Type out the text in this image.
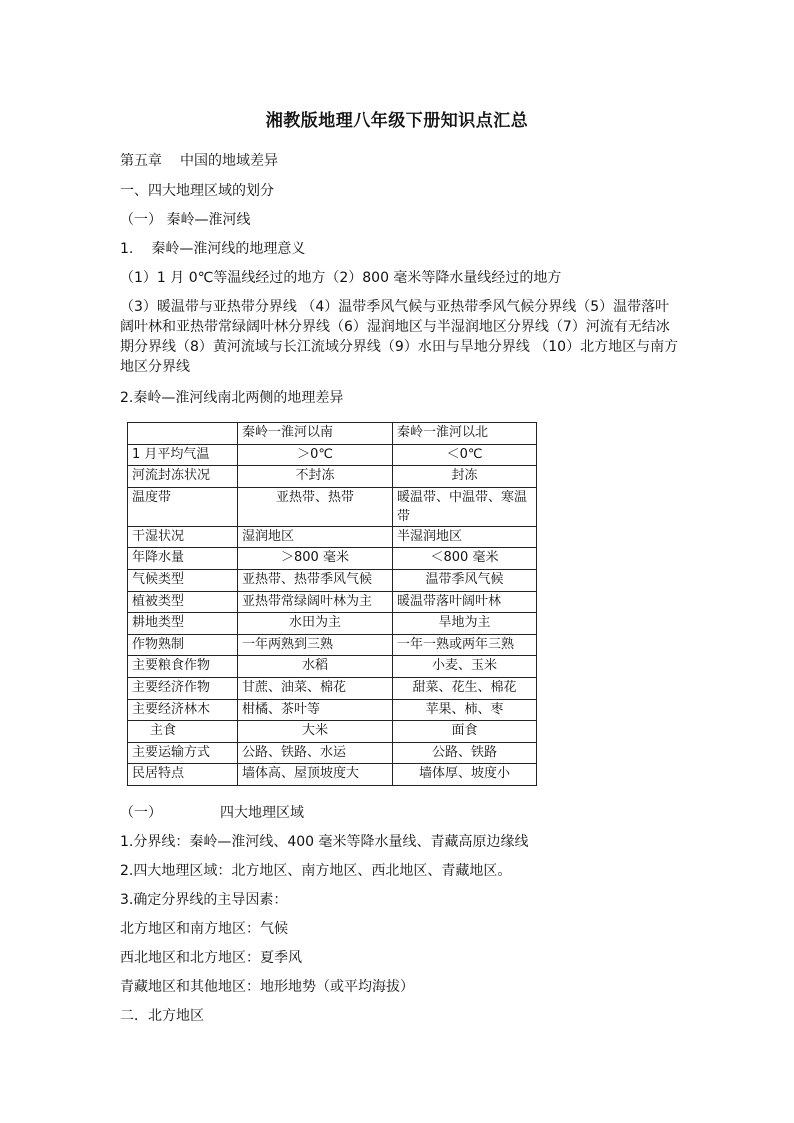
湘教版地理八年级下册知识点汇总
第五章 中国的地域差异
一、四大地理区域的划分
（一） 秦岭—淮河线
1. 秦岭—淮河线的地理意义
（1）1 月 0℃等温线经过的地方（2）800 毫米等降水量线经过的地方
（3）暖温带与亚热带分界线 （4）温带季风气候与亚热带季风气候分界线（5）温带落叶阔叶林和亚热带常绿阔叶林分界线（6）湿润地区与半湿润地区分界线（7）河流有无结冰期分界线（8）黄河流域与长江流域分界线（9）水田与旱地分界线 （10）北方地区与南方地区分界线
2.秦岭—淮河线南北两侧的地理差异
	秦岭一淮河以南	秦岭一淮河以北
1 月平均气温	＞0℃	＜0℃
河流封冻状况	不封冻	封冻
温度带	亚热带、热带	暖温带、中温带、寒温带
干湿状况	湿润地区	半湿润地区
年降水量	＞800 毫米	＜800 毫米
气候类型	亚热带、热带季风气候	温带季风气候
植被类型	亚热带常绿阔叶林为主	暖温带落叶阔叶林
耕地类型	水田为主	旱地为主
作物熟制	一年两熟到三熟	一年一熟或两年三熟
主要粮食作物	水稻	小麦、玉米
主要经济作物	甘蔗、油菜、棉花	甜菜、花生、棉花
主要经济林木	柑橘、茶叶等	苹果、柿、枣
主食	大米	面食
主要运输方式	公路、铁路、水运	公路、铁路
民居特点	墙体高、屋顶坡度大	墙体厚、坡度小
（一）	四大地理区域
1.分界线：秦岭—淮河线、400 毫米等降水量线、青藏高原边缘线
2.四大地理区域：北方地区、南方地区、西北地区、青藏地区。
3.确定分界线的主导因素：
北方地区和南方地区：气候
西北地区和北方地区：夏季风
青藏地区和其他地区：地形地势（或平均海拔）
二．北方地区
